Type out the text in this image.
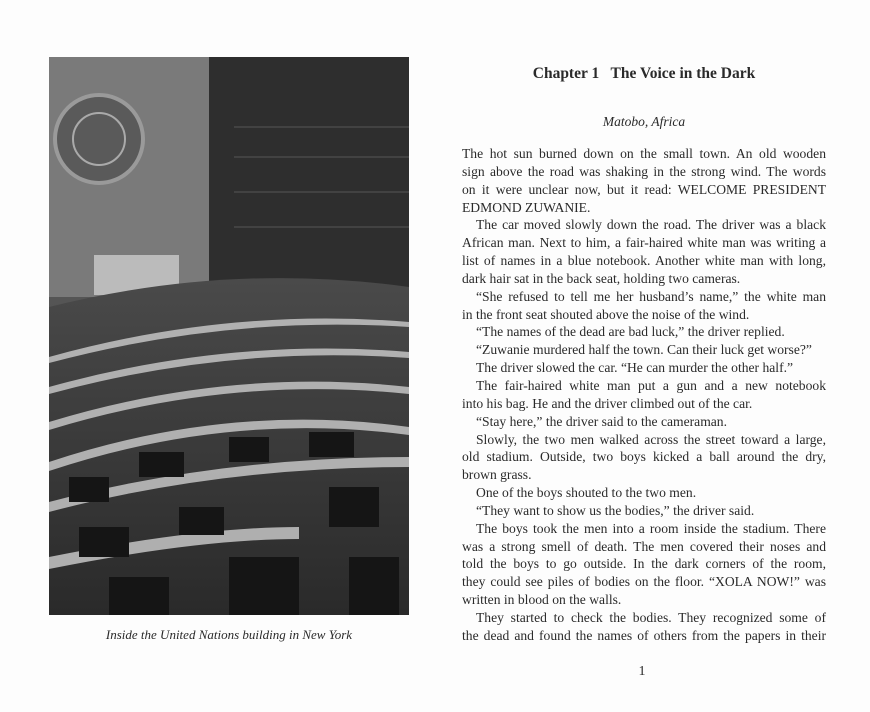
Inside the United Nations building in New York
Chapter 1   The Voice in the Dark
Matobo, Africa
The hot sun burned down on the small town. An old wooden
sign above the road was shaking in the strong wind. The words
on it were unclear now, but it read: WELCOME PRESIDENT
EDMOND ZUWANIE.
The car moved slowly down the road. The driver was a black
African man. Next to him, a fair-haired white man was writing a
list of names in a blue notebook. Another white man with long,
dark hair sat in the back seat, holding two cameras.
“She refused to tell me her husband’s name,” the white man
in the front seat shouted above the noise of the wind.
“The names of the dead are bad luck,” the driver replied.
“Zuwanie murdered half the town. Can their luck get worse?”
The driver slowed the car. “He can murder the other half.”
The fair-haired white man put a gun and a new notebook
into his bag. He and the driver climbed out of the car.
“Stay here,” the driver said to the cameraman.
Slowly, the two men walked across the street toward a large,
old stadium. Outside, two boys kicked a ball around the dry,
brown grass.
One of the boys shouted to the two men.
“They want to show us the bodies,” the driver said.
The boys took the men into a room inside the stadium. There
was a strong smell of death. The men covered their noses and
told the boys to go outside. In the dark corners of the room,
they could see piles of bodies on the floor. “XOLA NOW!” was
written in blood on the walls.
They started to check the bodies. They recognized some of
the dead and found the names of others from the papers in their
1
